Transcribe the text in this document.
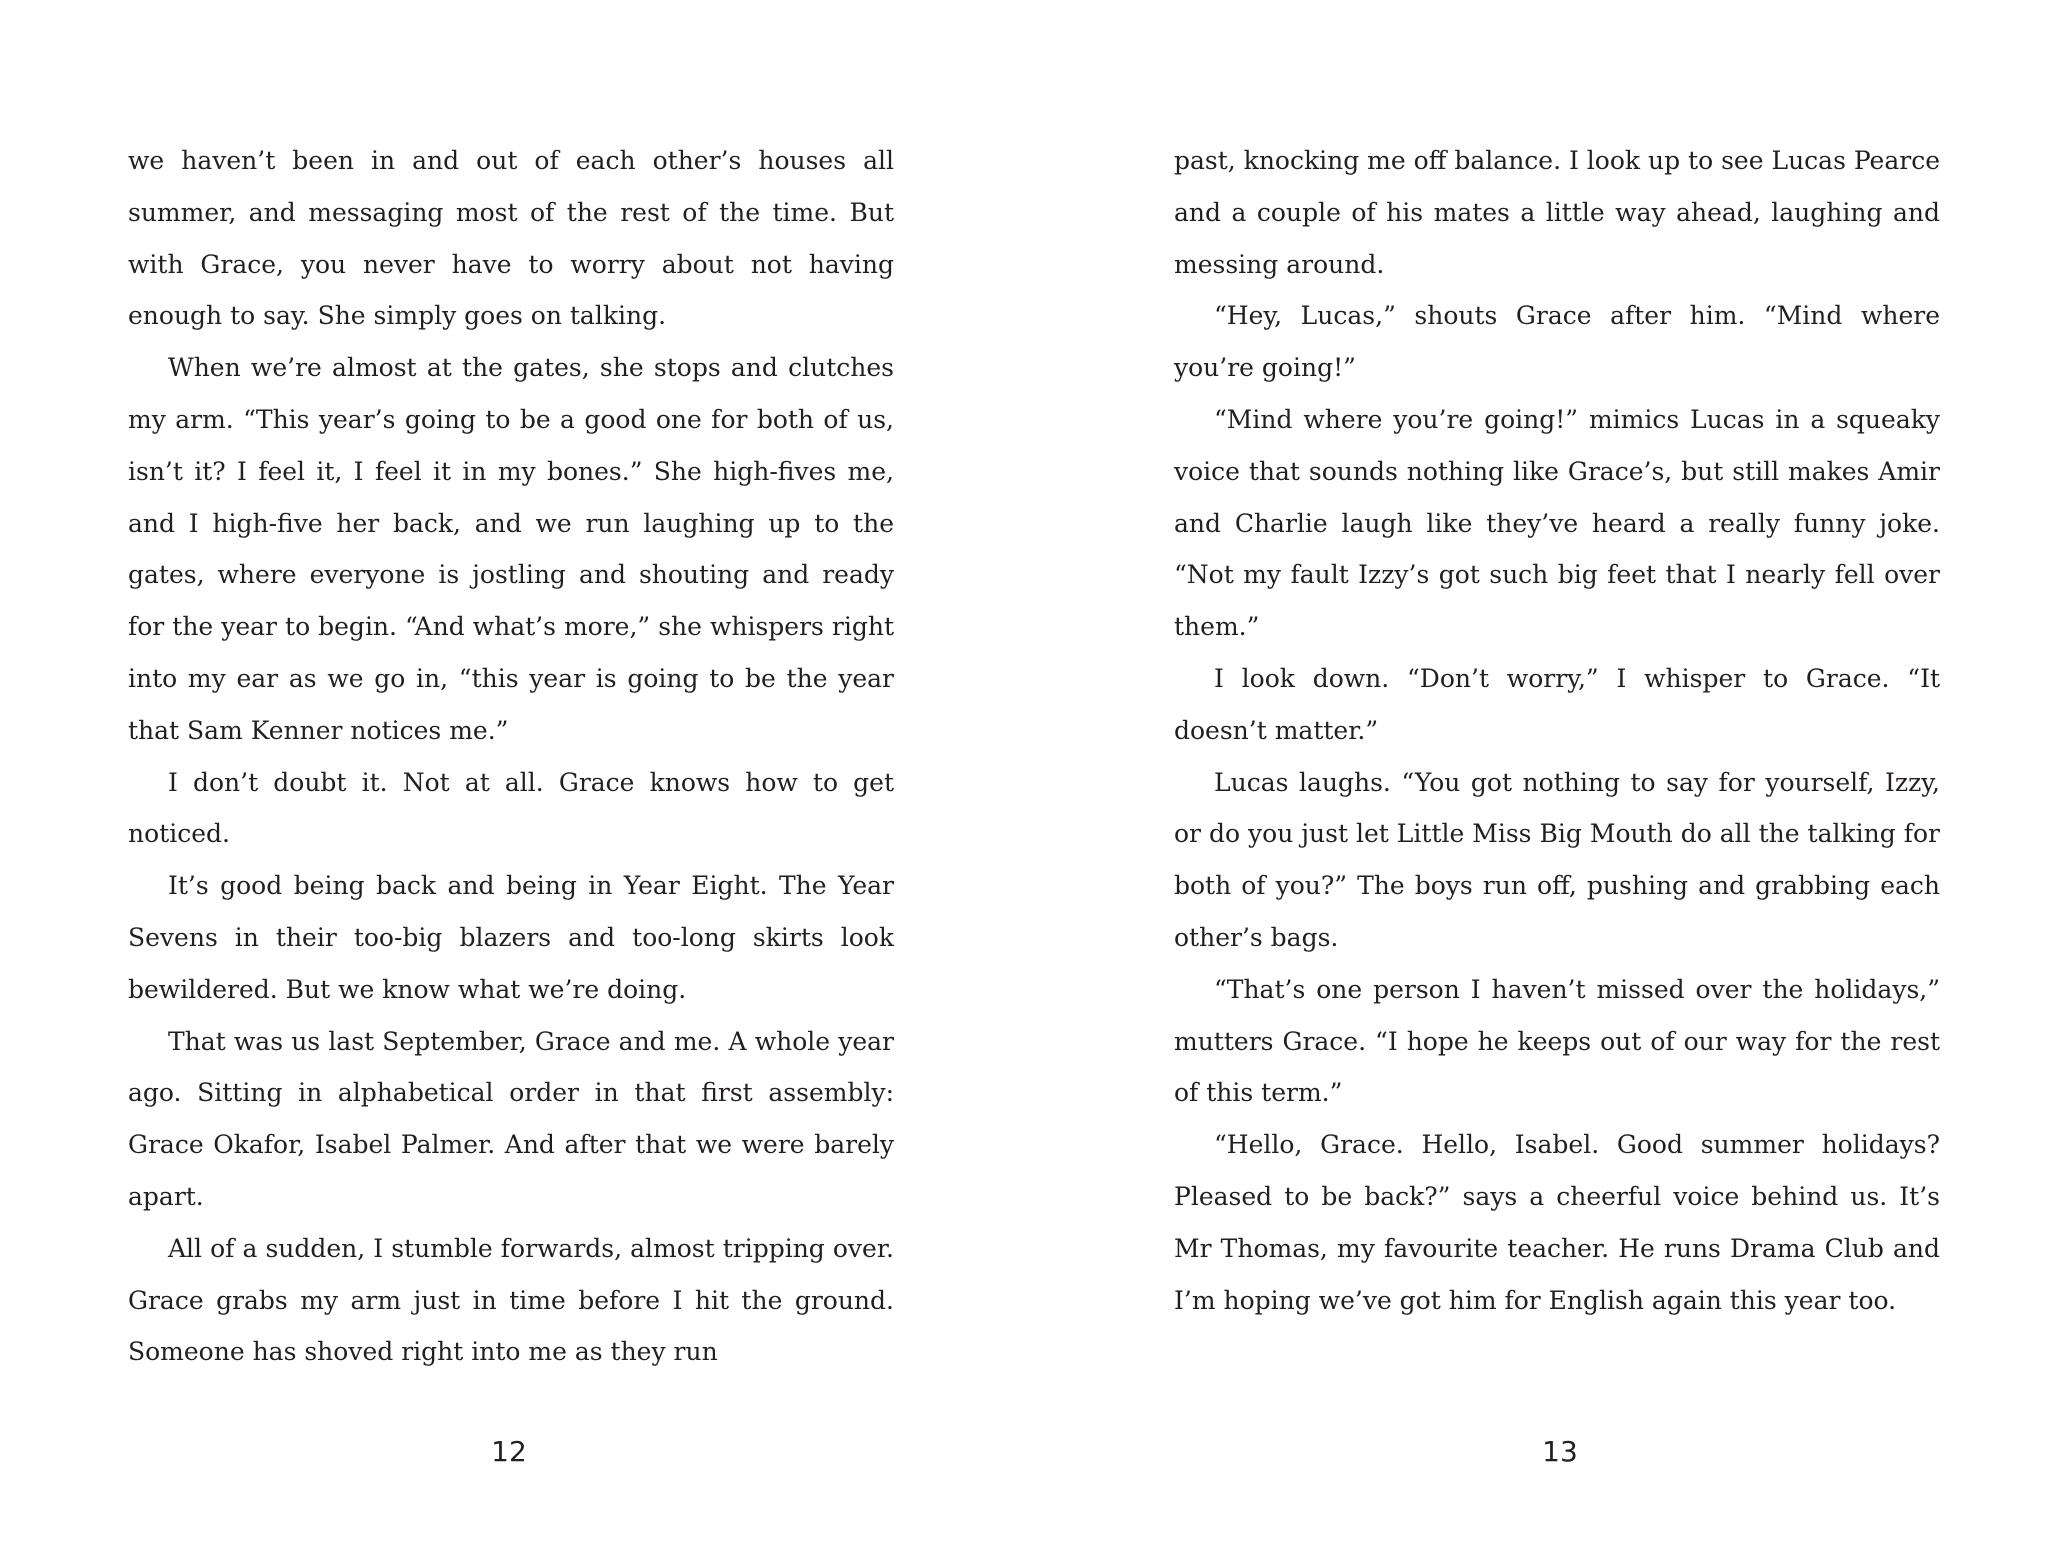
we haven’t been in and out of each other’s houses all summer, and messaging most of the rest of the time. But with Grace, you never have to worry about not having enough to say. She simply goes on talking.

When we’re almost at the gates, she stops and clutches my arm. “This year’s going to be a good one for both of us, isn’t it? I feel it, I feel it in my bones.” She high-fives me, and I high-five her back, and we run laughing up to the gates, where everyone is jostling and shouting and ready for the year to begin. “And what’s more,” she whispers right into my ear as we go in, “this year is going to be the year that Sam Kenner notices me.”

I don’t doubt it. Not at all. Grace knows how to get noticed.

It’s good being back and being in Year Eight. The Year Sevens in their too-big blazers and too-long skirts look bewildered. But we know what we’re doing.

That was us last September, Grace and me. A whole year ago. Sitting in alphabetical order in that first assembly: Grace Okafor, Isabel Palmer. And after that we were barely apart.

All of a sudden, I stumble forwards, almost tripping over. Grace grabs my arm just in time before I hit the ground. Someone has shoved right into me as they run

past, knocking me off balance. I look up to see Lucas Pearce and a couple of his mates a little way ahead, laughing and messing around.

“Hey, Lucas,” shouts Grace after him. “Mind where you’re going!”

“Mind where you’re going!” mimics Lucas in a squeaky voice that sounds nothing like Grace’s, but still makes Amir and Charlie laugh like they’ve heard a really funny joke. “Not my fault Izzy’s got such big feet that I nearly fell over them.”

I look down. “Don’t worry,” I whisper to Grace. “It doesn’t matter.”

Lucas laughs. “You got nothing to say for yourself, Izzy, or do you just let Little Miss Big Mouth do all the talking for both of you?” The boys run off, pushing and grabbing each other’s bags.

“That’s one person I haven’t missed over the holidays,” mutters Grace. “I hope he keeps out of our way for the rest of this term.”

“Hello, Grace. Hello, Isabel. Good summer holidays? Pleased to be back?” says a cheerful voice behind us. It’s Mr Thomas, my favourite teacher. He runs Drama Club and I’m hoping we’ve got him for English again this year too.

12	13
